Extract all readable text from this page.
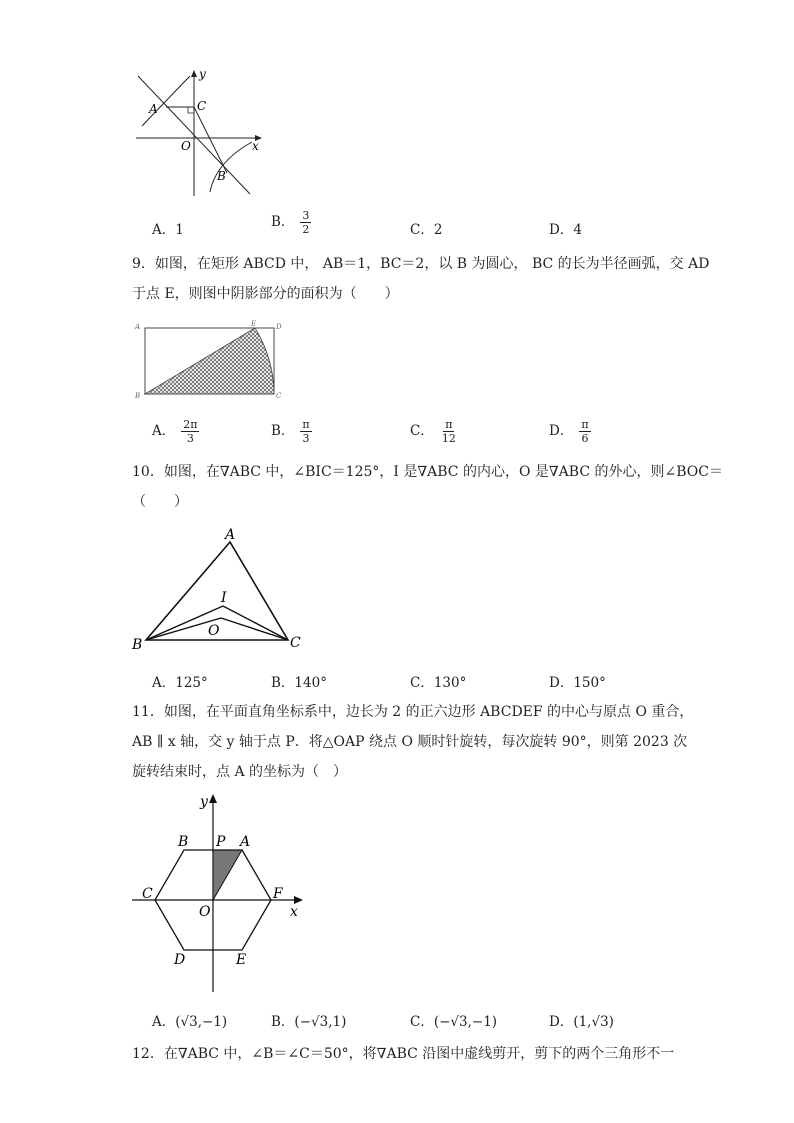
y
A	C
O	x
B
A．1	B． $\frac{3}{2}$	C．2	D．4
9．如图，在矩形 ABCD 中， AB＝1，BC＝2，以 B 为圆心， BC 的长为半径画弧，交 AD
于点 E，则图中阴影部分的面积为（　　）
A	E	D
B	C
A． $\frac{2\pi}{3}$	B． $\frac{\pi}{3}$	C． $\frac{\pi}{12}$	D． $\frac{\pi}{6}$
10．如图，在∇ABC 中，∠BIC＝125°，I 是∇ABC 的内心，O 是∇ABC 的外心，则∠BOC＝
（　　）
A
I
O
B	C
A．125°	B．140°	C．130°	D．150°
11．如图，在平面直角坐标系中，边长为 2 的正六边形 ABCDEF 的中心与原点 O 重合，
AB ∥ x 轴，交 y 轴于点 P．将△OAP 绕点 O 顺时针旋转，每次旋转 90°，则第 2023 次
旋转结束时，点 A 的坐标为（　）
y
B P A
C	F
O	x
D	E
A．(√3,−1)	B．(−√3,1)	C．(−√3,−1)	D．(1,√3)
12．在∇ABC 中，∠B＝∠C＝50°，将∇ABC 沿图中虚线剪开，剪下的两个三角形不一
